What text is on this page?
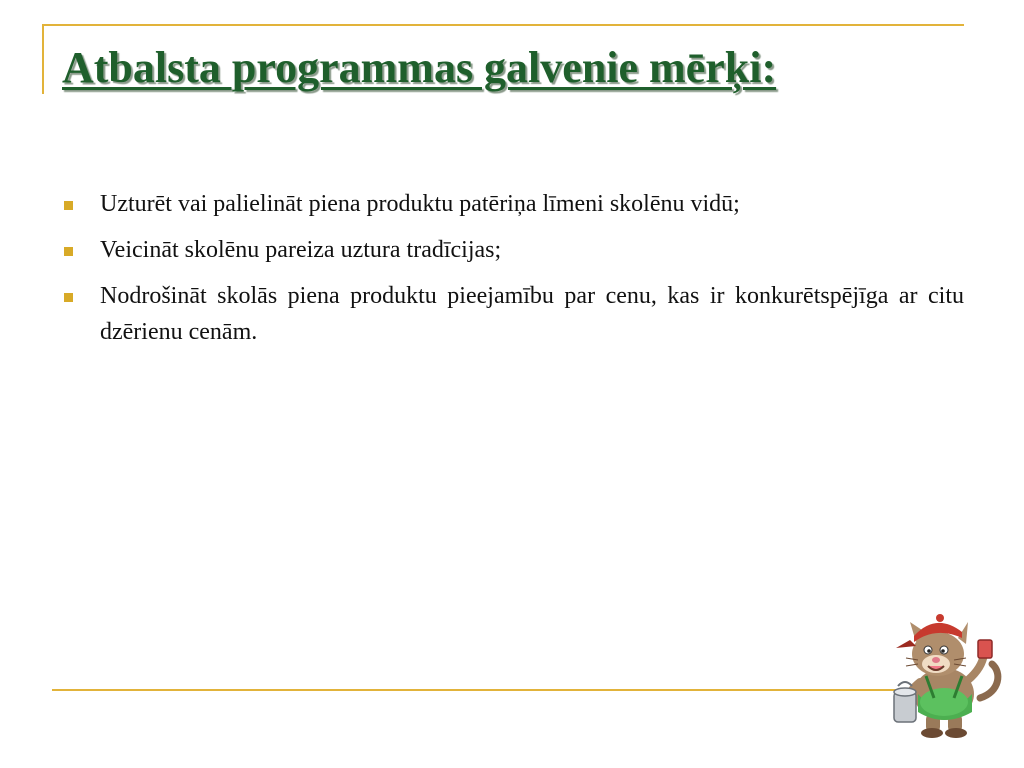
Atbalsta programmas galvenie mērķi:
Uzturēt vai palielināt piena produktu patēriņa līmeni skolēnu vidū;
Veicināt skolēnu pareiza uztura tradīcijas;
Nodrošināt skolās piena produktu pieejamību par cenu, kas ir konkurētspējīga ar citu dzērienu cenām.
